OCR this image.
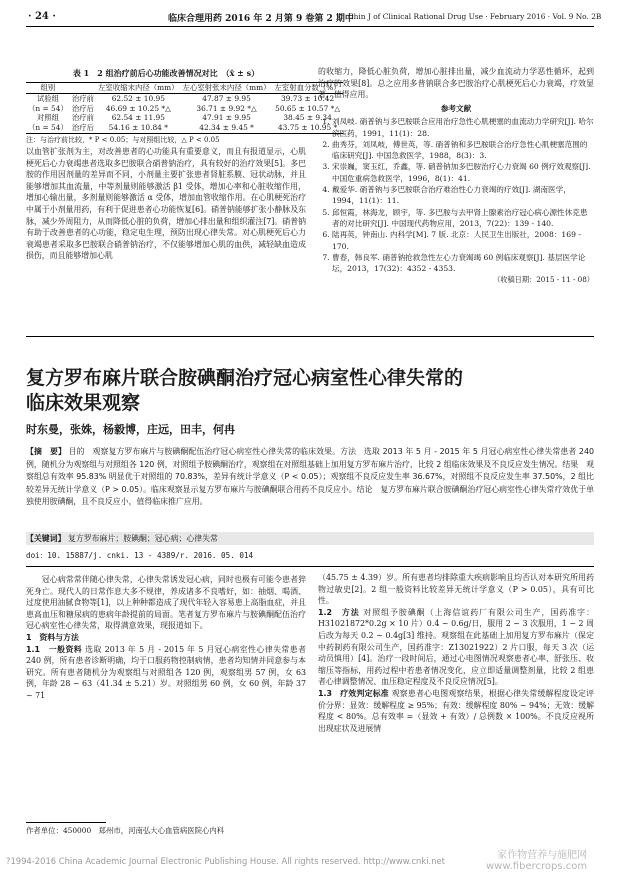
· 24 ·	临床合理用药 2016 年 2 月第 9 卷第 2 期中
Chin J of Clinical Rational Drug Use · February 2016 · Vol. 9 No. 2B
表 1　2 组治疗前后心功能改善情况对比　（x̄ ± s）
组别		左室收缩末内径（mm）	左心室射张末内径（mm）	左室射血分数（%）
试验组	治疗前	62.52 ± 10.95	47.87 ± 9.95	39.73 ± 10.42
（n = 54）	治疗后	46.69 ± 10.25 *△	36.71 ± 9.92 *△	50.65 ± 10.57 *△
对照组	治疗前	62.54 ± 11.95	47.91 ± 9.95	38.45 ± 9.34
（n = 54）	治疗后	54.16 ± 10.84 *	42.34 ± 9.45 *	43.75 ± 10.95 *
注：与治疗前比较，* P < 0.05；与对照组比较，△ P < 0.05

以血管扩张剂为主，对改善患者的心功能具有重要意义，而且有报道显示，心肌梗死后心力衰竭患者选取多巴胺联合硝普钠治疗，具有较好的治疗效果[5]。多巴胺的作用因剂量的差异而不同，小剂量主要扩张患者肾脏系膜、冠状动脉，并且能够增加其血流量，中等剂量则能够激活 β1 受体，增加心率和心脏收缩作用，增加心输出量，多剂量则能够激活 α 受体，增加血管收缩作用。在心肌梗死治疗中属于小剂量用药，有利于促进患者心功能恢复[6]。硝普钠能够扩张小静脉及东脉，减少外周阻力，从而降低心脏的负荷，增加心排出量和组织灌注[7]。硝普钠有助于改善患者的心功能，稳定电生理，预防出现心律失常。对心肌梗死后心力衰竭患者采取多巴胺联合硝普钠治疗，不仅能够增加心肌的血供，减轻缺血造成损伤，而且能够增加心肌

的收缩力，降低心脏负荷，增加心脏排出量，减少血流动力学恶性循环，起到治疗的效果[8]。总之应用多普钠联合多巴胺治疗心肌梗死后心力衰竭，疗效显著，值得应用。

参考文献
1. 刘凤岐. 硝普钠与多巴胺联合应用治疗急性心肌梗塞的血流动力学研究[J]. 哈尔滨医药，1991，11(1)：28.
2. 曲秀芬，刘凤岐，傅世英，等. 硝普钠和多巴胺联合治疗急性心肌梗塞范围的临床研究[J]. 中国急救医学，1988，8(3)：3.
3. 宋崇巍，窦玉红，乔鑫，等. 硝普钠加多巴胺治疗心力衰竭 60 例疗效观察[J]. 中国危重病急救医学，1996，8(1)：41.
4. 戴爱华. 硝普钠与多巴胺联合治疗难治性心力衰竭的疗效[J]. 湖南医学，1994，11(1)：11.
5. 邱恒霞，林海龙，顾宇，等. 多巴胺与去甲肾上腺素治疗冠心病心源性休克患者的对比研究[J]. 中国现代药物应用，2013，7(22)：139 - 140.
6. 陆再英，钟南山. 内科学[M]. 7 版. 北京：人民卫生出版社，2008：169 - 170.
7. 曹春，韩良军. 硝普钠抢救急性左心力衰竭竭 60 例临床观察[J]. 基层医学论坛，2013，17(32)：4352 - 4353.
（收稿日期：2015 - 11 - 08）
复方罗布麻片联合胺碘酮治疗冠心病室性心律失常的
临床效果观察
时东曼，张姝，杨毅博，庄远，田丰，何冉
【摘　要】 目的　观察复方罗布麻片与胺碘酮配伍治疗冠心病室性心律失常的临床效果。方法　选取 2013 年 5 月 - 2015 年 5 月冠心病室性心律失常患者 240 例，随机分为观察组与对照组各 120 例，对照组予胺碘酮治疗，观察组在对照组基础上加用复方罗布麻片治疗，比较 2 组临床效果及不良反应发生情况。结果　观察组总有效率 95.83% 明显优于对照组的 70.83%，差异有统计学意义（P < 0.05）；观察组不良反应发生率 36.67%，对照组不良反应发生率 37.50%，2 组比较差异无统计学意义（P > 0.05）。临床观察显示复方罗布麻片与胺碘酮联合用药不良反应小。结论　复方罗布麻片联合胺碘酮治疗冠心病室性心律失常疗效优于单独使用胺碘酮，且不良反应小，值得临床推广应用。
【关键词】 复方罗布麻片；胺碘酮；冠心病；心律失常
doi：10. 15887/j. cnki. 13 - 4389/r. 2016. 05. 014

冠心病常常伴随心律失常，心律失常诱发冠心病，同时也极有可能令患者猝死身亡。现代人的日常作息大多不规律，养成诸多不良嗜好，如：抽烟、喝酒、过度使用油腻食物等[1]，以上种种都造成了现代年轻入容易患上高脂血症，并且患高血压和糖尿病的患病年龄提前的局面。笔者复方罗布麻片与胺碘酮配伍治疗冠心病室性心律失常，取得满意效果，现报道如下。

1　资料与方法

1.1　一般资料

选取 2013 年 5 月 - 2015 年 5 月冠心病室性心律失常患者 240 例，所有患者诊断明确，均于口服药物控制病情，患者均知情并同意参与本研究。所有患者随机分为观察组与对照组各 120 例，观察组男 57 例，女 63 例，年龄 28 ~ 63（41.34 ± 5.21）岁。对照组男 60 例，女 60 例，年龄 37 ~ 71

（45.75 ± 4.39）岁。所有患者均排除重大疾病影响且均否认对本研究所用药物过敏史[2]。2 组一般资料比较差异无统计学意义（P > 0.05），具有可比性。

1.2　方法 对照组予胺碘酮（上海信谊药厂有限公司生产，国药准字：H31021872*0.2g × 10 片）0.4 ~ 0.6g/日，服用 2 ~ 3 次服用，1 ~ 2 周后改为每天 0.2 ~ 0.4g[3] 维持。观察组在此基础上加用复方罗布麻片（保定中药制药有限公司生产，国药准字：Z13021922）2 片口服，每天 3 次（运动员慎用）[4]。治疗一段时间后，通过心电图情况观察患者心率、舒张压、收缩压等指标，用药过程中若患者情况变化，应立即适量调整剂量，比较 2 组患者心律调整情况、血压稳定程度及不良反应情况[5]。
1.3　疗效判定标准 观察患者心电图观察结果，根据心律失常缓解程度设定评价分界：显效：缓解程度 ≥ 95%；有效：缓解程度 80% ~ 94%；无效：缓解程度 < 80%。总有效率 =（显效 + 有效）/ 总例数 × 100%。不良反应视所出现症状及进展情
作者单位：450000　郑州市，河南弘大心血管病医院心内科
?1994-2016 China Academic Journal Electronic Publishing House. All rights reserved. http://www.cnki.net	家作物营养与施肥网
www.fibercrops.com
